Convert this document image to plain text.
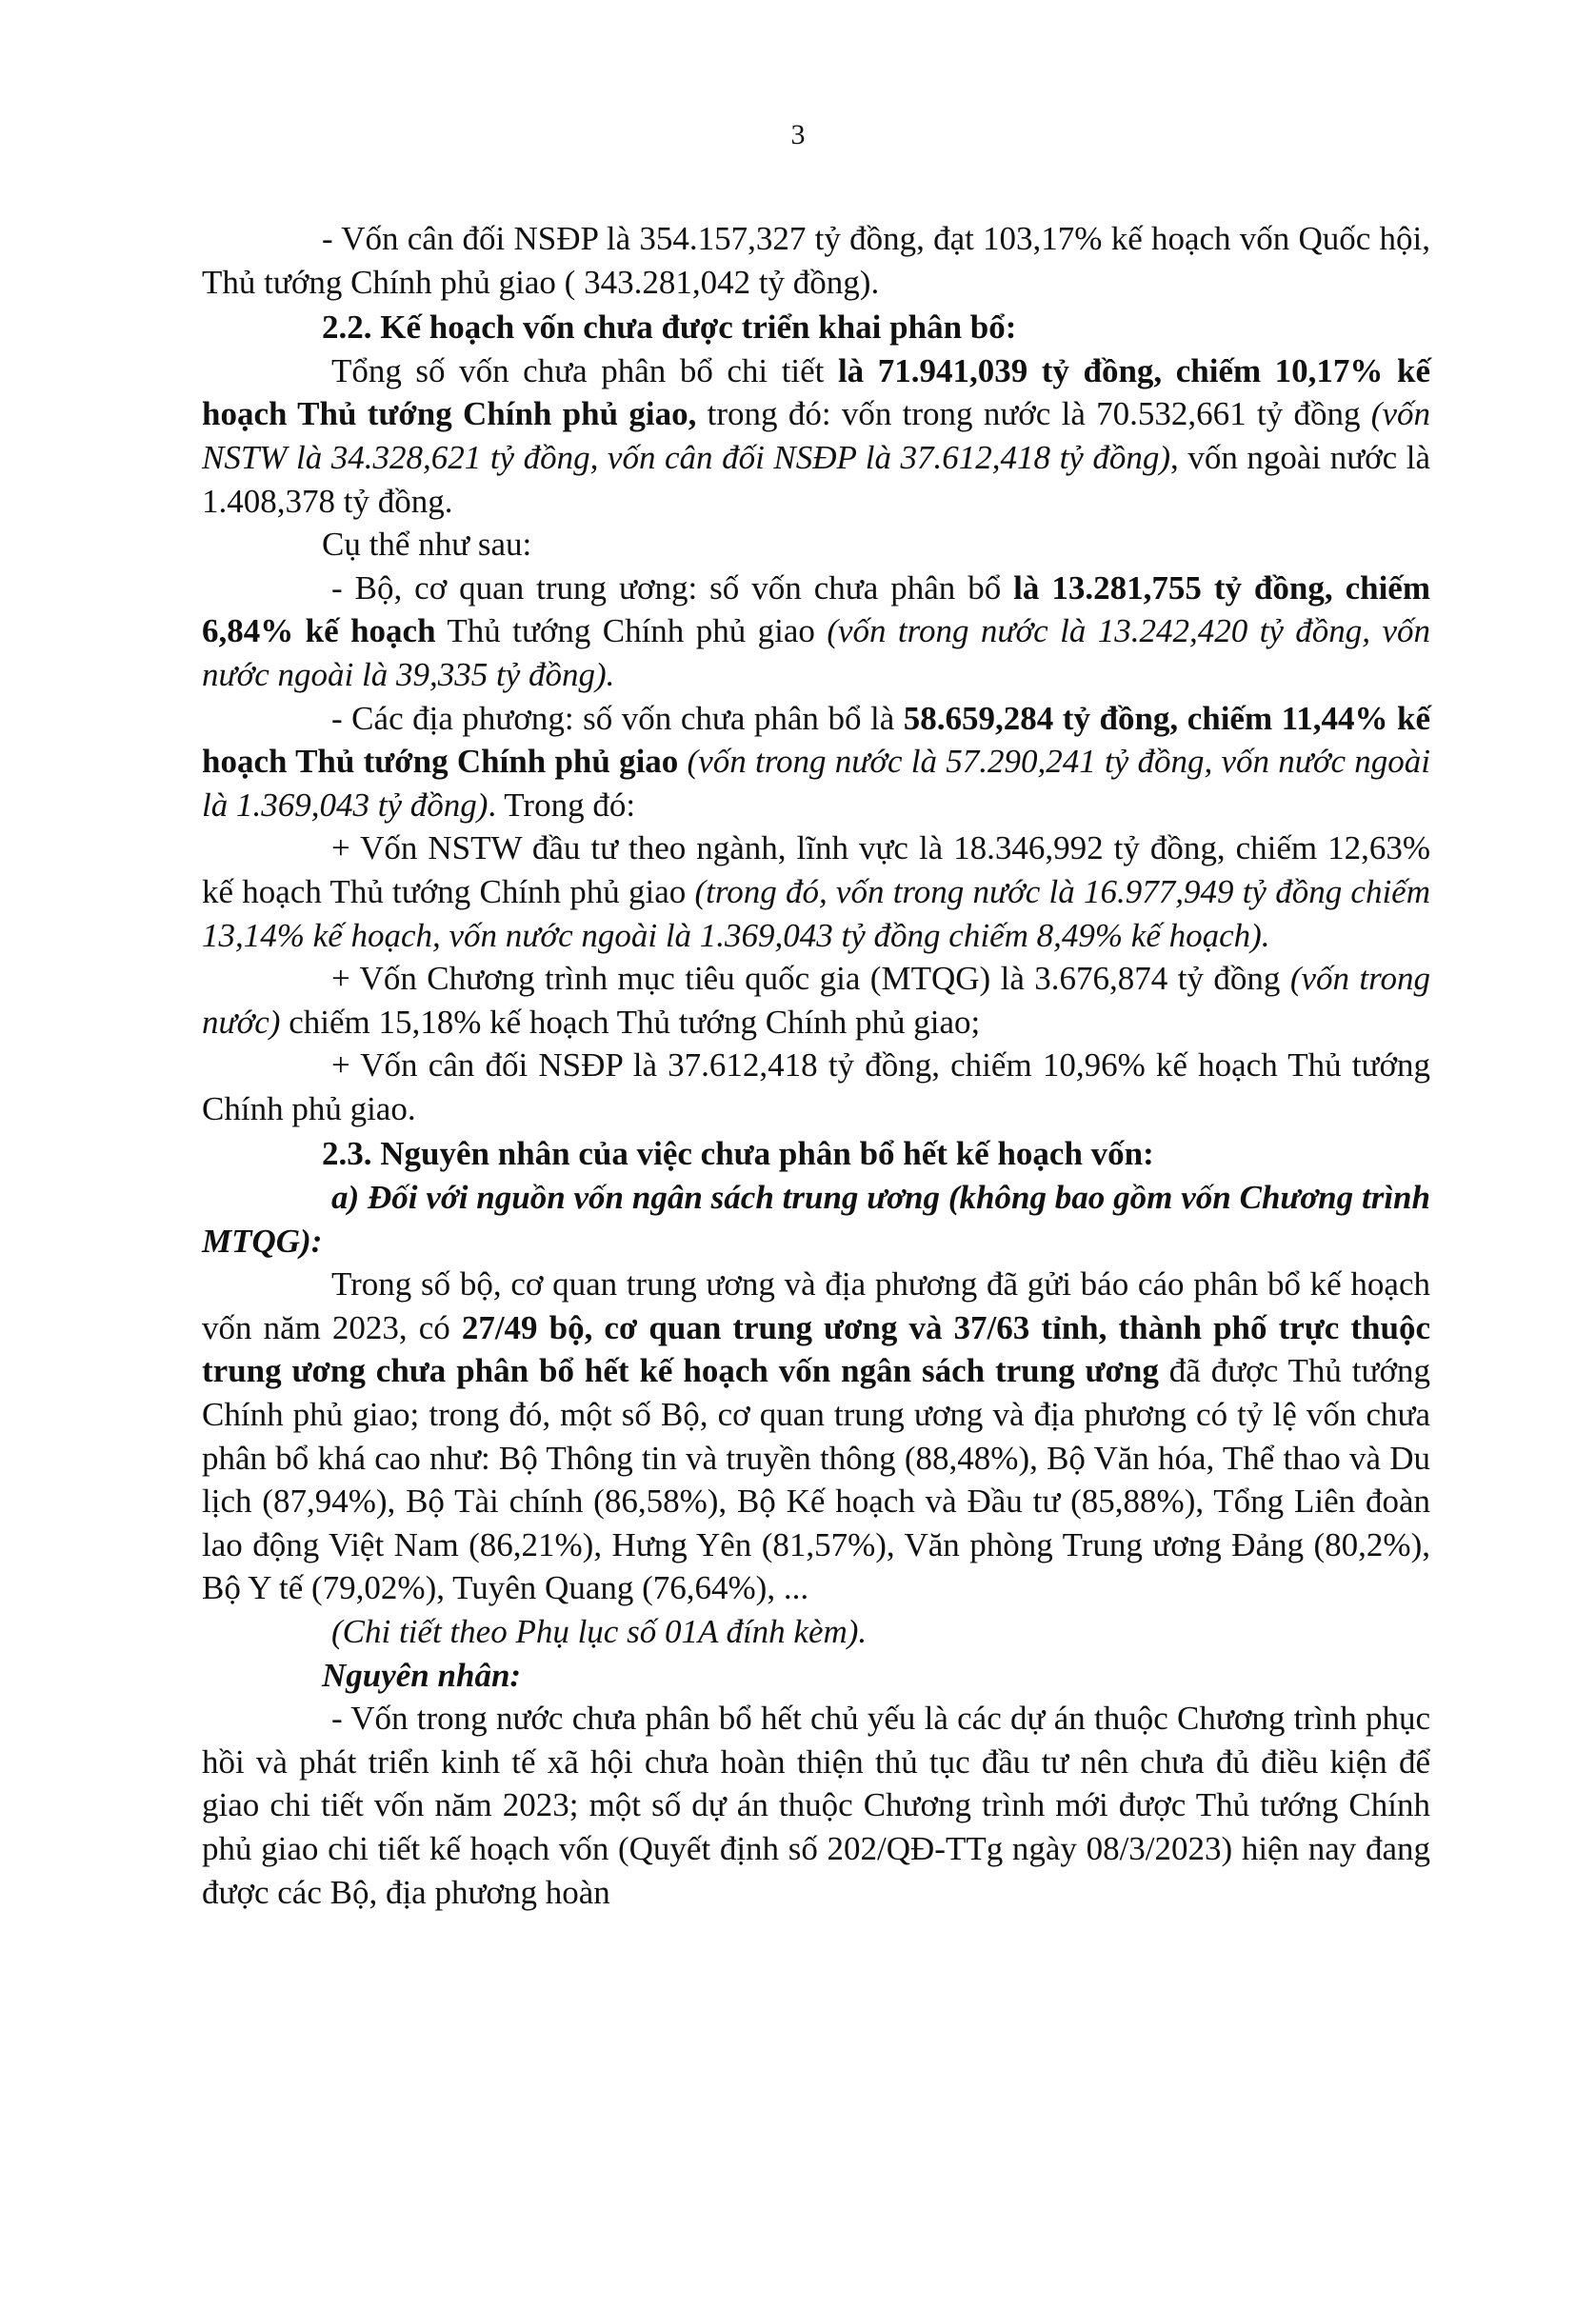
3

- Vốn cân đối NSĐP là 354.157,327 tỷ đồng, đạt 103,17% kế hoạch vốn Quốc hội, Thủ tướng Chính phủ giao ( 343.281,042 tỷ đồng).

2.2. Kế hoạch vốn chưa được triển khai phân bổ:

Tổng số vốn chưa phân bổ chi tiết là 71.941,039 tỷ đồng, chiếm 10,17% kế hoạch Thủ tướng Chính phủ giao, trong đó: vốn trong nước là 70.532,661 tỷ đồng (vốn NSTW là 34.328,621 tỷ đồng, vốn cân đối NSĐP là 37.612,418 tỷ đồng), vốn ngoài nước là 1.408,378 tỷ đồng.

Cụ thể như sau:

- Bộ, cơ quan trung ương: số vốn chưa phân bổ là 13.281,755 tỷ đồng, chiếm 6,84% kế hoạch Thủ tướng Chính phủ giao (vốn trong nước là 13.242,420 tỷ đồng, vốn nước ngoài là 39,335 tỷ đồng).

- Các địa phương: số vốn chưa phân bổ là 58.659,284 tỷ đồng, chiếm 11,44% kế hoạch Thủ tướng Chính phủ giao (vốn trong nước là 57.290,241 tỷ đồng, vốn nước ngoài là 1.369,043 tỷ đồng). Trong đó:

+ Vốn NSTW đầu tư theo ngành, lĩnh vực là 18.346,992 tỷ đồng, chiếm 12,63% kế hoạch Thủ tướng Chính phủ giao (trong đó, vốn trong nước là 16.977,949 tỷ đồng chiếm 13,14% kế hoạch, vốn nước ngoài là 1.369,043 tỷ đồng chiếm 8,49% kế hoạch).

+ Vốn Chương trình mục tiêu quốc gia (MTQG) là 3.676,874 tỷ đồng (vốn trong nước) chiếm 15,18% kế hoạch Thủ tướng Chính phủ giao;

+ Vốn cân đối NSĐP là 37.612,418 tỷ đồng, chiếm 10,96% kế hoạch Thủ tướng Chính phủ giao.

2.3. Nguyên nhân của việc chưa phân bổ hết kế hoạch vốn:

a) Đối với nguồn vốn ngân sách trung ương (không bao gồm vốn Chương trình MTQG):

Trong số bộ, cơ quan trung ương và địa phương đã gửi báo cáo phân bổ kế hoạch vốn năm 2023, có 27/49 bộ, cơ quan trung ương và 37/63 tỉnh, thành phố trực thuộc trung ương chưa phân bổ hết kế hoạch vốn ngân sách trung ương đã được Thủ tướng Chính phủ giao; trong đó, một số Bộ, cơ quan trung ương và địa phương có tỷ lệ vốn chưa phân bổ khá cao như: Bộ Thông tin và truyền thông (88,48%), Bộ Văn hóa, Thể thao và Du lịch (87,94%), Bộ Tài chính (86,58%), Bộ Kế hoạch và Đầu tư (85,88%), Tổng Liên đoàn lao động Việt Nam (86,21%), Hưng Yên (81,57%), Văn phòng Trung ương Đảng (80,2%), Bộ Y tế (79,02%), Tuyên Quang (76,64%), ...

(Chi tiết theo Phụ lục số 01A đính kèm).

Nguyên nhân:

- Vốn trong nước chưa phân bổ hết chủ yếu là các dự án thuộc Chương trình phục hồi và phát triển kinh tế xã hội chưa hoàn thiện thủ tục đầu tư nên chưa đủ điều kiện để giao chi tiết vốn năm 2023; một số dự án thuộc Chương trình mới được Thủ tướng Chính phủ giao chi tiết kế hoạch vốn (Quyết định số 202/QĐ-TTg ngày 08/3/2023) hiện nay đang được các Bộ, địa phương hoàn
